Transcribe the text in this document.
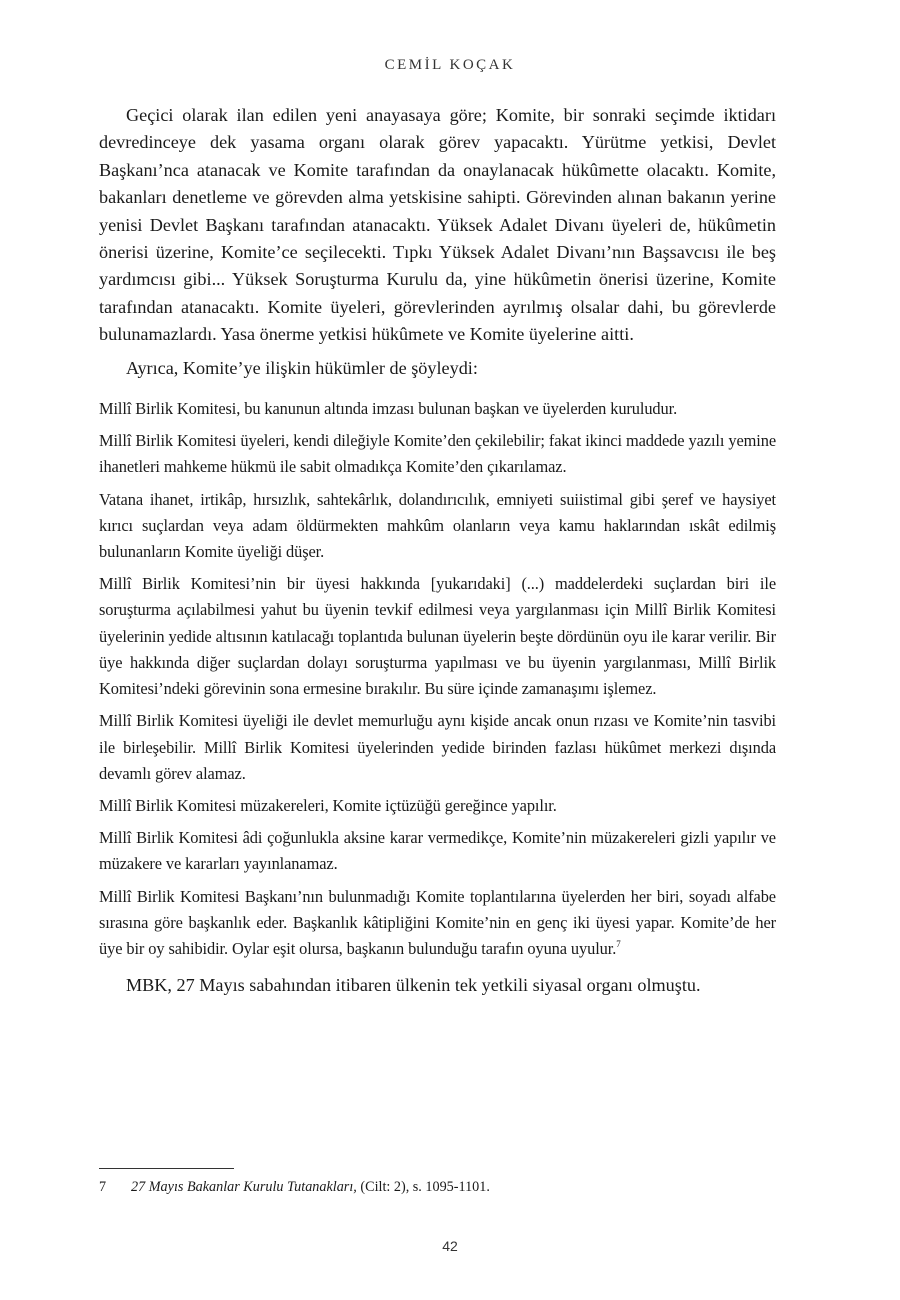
CEMİL KOÇAK

Geçici olarak ilan edilen yeni anayasaya göre; Komite, bir sonraki seçimde iktidarı devredinceye dek yasama organı olarak görev yapacaktı. Yürütme yetkisi, Devlet Başkanı’nca atanacak ve Komite tarafından da onaylanacak hükûmette olacaktı. Komite, bakanları denetleme ve görevden alma yetskisine sahipti. Görevinden alınan bakanın yerine yenisi Devlet Başkanı tarafından atanacaktı. Yüksek Adalet Divanı üyeleri de, hükûmetin önerisi üzerine, Komite’ce seçilecekti. Tıpkı Yüksek Adalet Divanı’nın Başsavcısı ile beş yardımcısı gibi... Yüksek Soruşturma Kurulu da, yine hükûmetin önerisi üzerine, Komite tarafından atanacaktı. Komite üyeleri, görevlerinden ayrılmış olsalar dahi, bu görevlerde bulunamazlardı. Yasa önerme yetkisi hükûmete ve Komite üyelerine aitti.

Ayrıca, Komite’ye ilişkin hükümler de şöyleydi:

Millî Birlik Komitesi, bu kanunun altında imzası bulunan başkan ve üyelerden kuruludur.

Millî Birlik Komitesi üyeleri, kendi dileğiyle Komite’den çekilebilir; fakat ikinci maddede yazılı yemine ihanetleri mahkeme hükmü ile sabit olmadıkça Komite’den çıkarılamaz.

Vatana ihanet, irtikâp, hırsızlık, sahtekârlık, dolandırıcılık, emniyeti suiistimal gibi şeref ve haysiyet kırıcı suçlardan veya adam öldürmekten mahkûm olanların veya kamu haklarından ıskât edilmiş bulunanların Komite üyeliği düşer.

Millî Birlik Komitesi’nin bir üyesi hakkında [yukarıdaki] (...) maddelerdeki suçlardan biri ile soruşturma açılabilmesi yahut bu üyenin tevkif edilmesi veya yargılanması için Millî Birlik Komitesi üyelerinin yedide altısının katılacağı toplantıda bulunan üyelerin beşte dördünün oyu ile karar verilir. Bir üye hakkında diğer suçlardan dolayı soruşturma yapılması ve bu üyenin yargılanması, Millî Birlik Komitesi’ndeki görevinin sona ermesine bırakılır. Bu süre içinde zamanaşımı işlemez.

Millî Birlik Komitesi üyeliği ile devlet memurluğu aynı kişide ancak onun rızası ve Komite’nin tasvibi ile birleşebilir. Millî Birlik Komitesi üyelerinden yedide birinden fazlası hükûmet merkezi dışında devamlı görev alamaz.

Millî Birlik Komitesi müzakereleri, Komite içtüzüğü gereğince yapılır.

Millî Birlik Komitesi âdi çoğunlukla aksine karar vermedikçe, Komite’nin müzakereleri gizli yapılır ve müzakere ve kararları yayınlanamaz.

Millî Birlik Komitesi Başkanı’nın bulunmadığı Komite toplantılarına üyelerden her biri, soyadı alfabe sırasına göre başkanlık eder. Başkanlık kâtipliğini Komite’nin en genç iki üyesi yapar. Komite’de her üye bir oy sahibidir. Oylar eşit olursa, başkanın bulunduğu tarafın oyuna uyulur.$^7$

MBK, 27 Mayıs sabahından itibaren ülkenin tek yetkili siyasal organı olmuştu.

7 27 Mayıs Bakanlar Kurulu Tutanakları, (Cilt: 2), s. 1095-1101.
42
